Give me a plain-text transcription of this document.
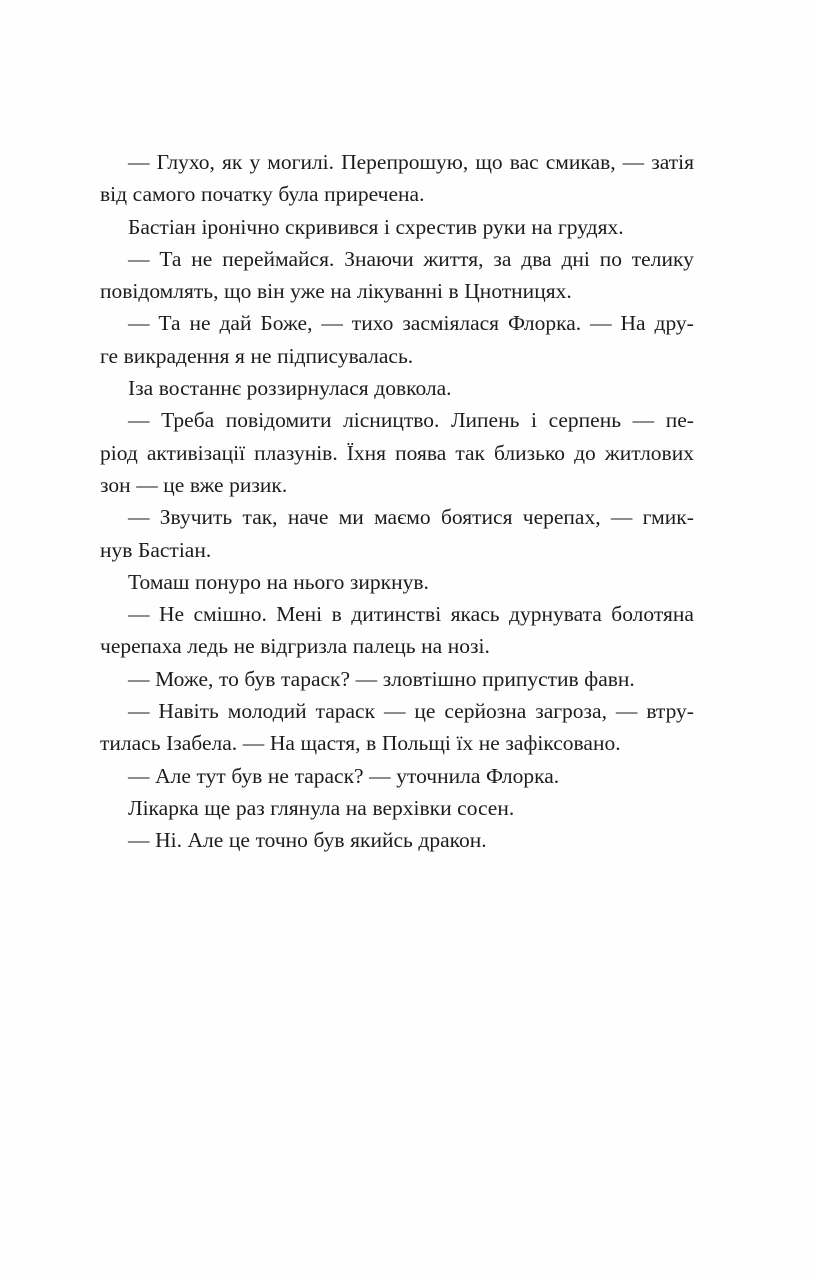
— Глухо, як у могилі. Перепрошую, що вас смикав, — затія
від самого початку була приречена.
Бастіан іронічно скривився і схрестив руки на грудях.
— Та не переймайся. Знаючи життя, за два дні по телику
повідомлять, що він уже на лікуванні в Цнотницях.
— Та не дай Боже, — тихо засміялася Флорка. — На дру-
ге викрадення я не підписувалась.
Іза востаннє роззирнулася довкола.
— Треба повідомити лісництво. Липень і серпень — пе-
ріод активізації плазунів. Їхня поява так близько до житлових
зон — це вже ризик.
— Звучить так, наче ми маємо боятися черепах, — гмик-
нув Бастіан.
Томаш понуро на нього зиркнув.
— Не смішно. Мені в дитинстві якась дурнувата болотяна
черепаха ледь не відгризла палець на нозі.
— Може, то був тараск? — зловтішно припустив фавн.
— Навіть молодий тараск — це серйозна загроза, — втру-
тилась Ізабела. — На щастя, в Польщі їх не зафіксовано.
— Але тут був не тараск? — уточнила Флорка.
Лікарка ще раз глянула на верхівки сосен.
— Ні. Але це точно був якийсь дракон.
